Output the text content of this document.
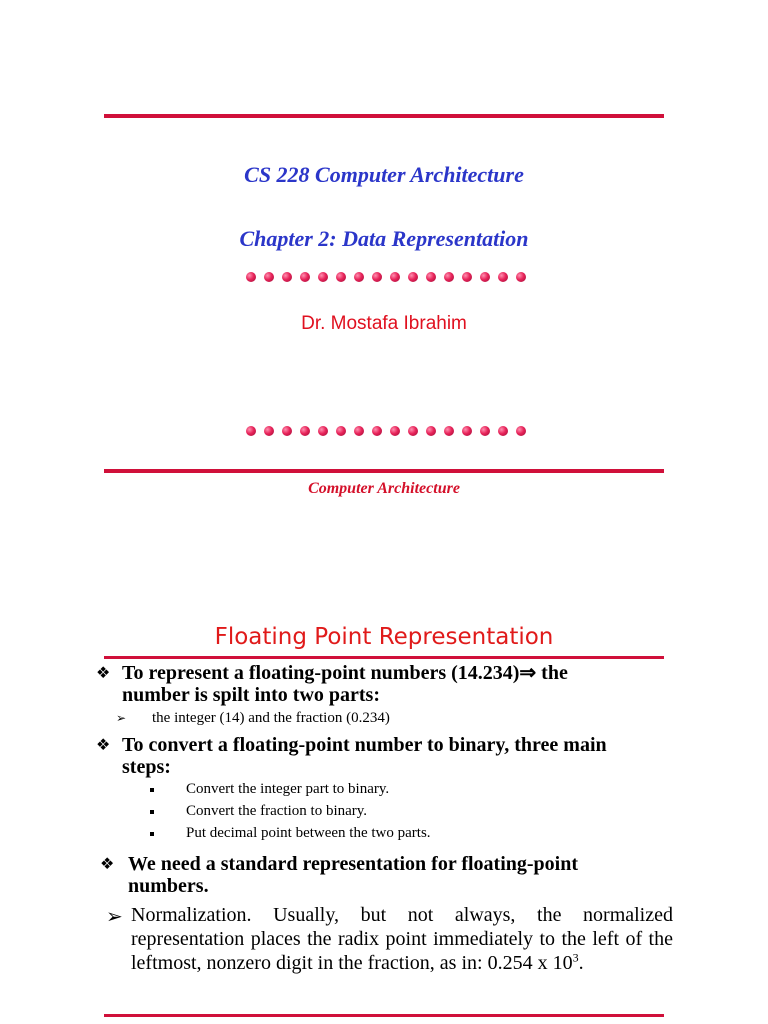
CS 228 Computer Architecture
Chapter 2: Data Representation
Dr. Mostafa Ibrahim
Computer Architecture
Floating Point Representation
❖ To represent a floating-point numbers (14.234)⇒ the
number is spilt into two parts:
➢ the integer (14) and the fraction (0.234)
❖ To convert a floating-point number to binary, three main
steps:
Convert the integer part to binary.
Convert the fraction to binary.
Put decimal point between the two parts.
❖ We need a standard representation for floating-point
numbers.
➢ Normalization. Usually, but not always, the normalized representation places the radix point immediately to the left of the leftmost, nonzero digit in the fraction, as in: 0.254 x $10^3$.
